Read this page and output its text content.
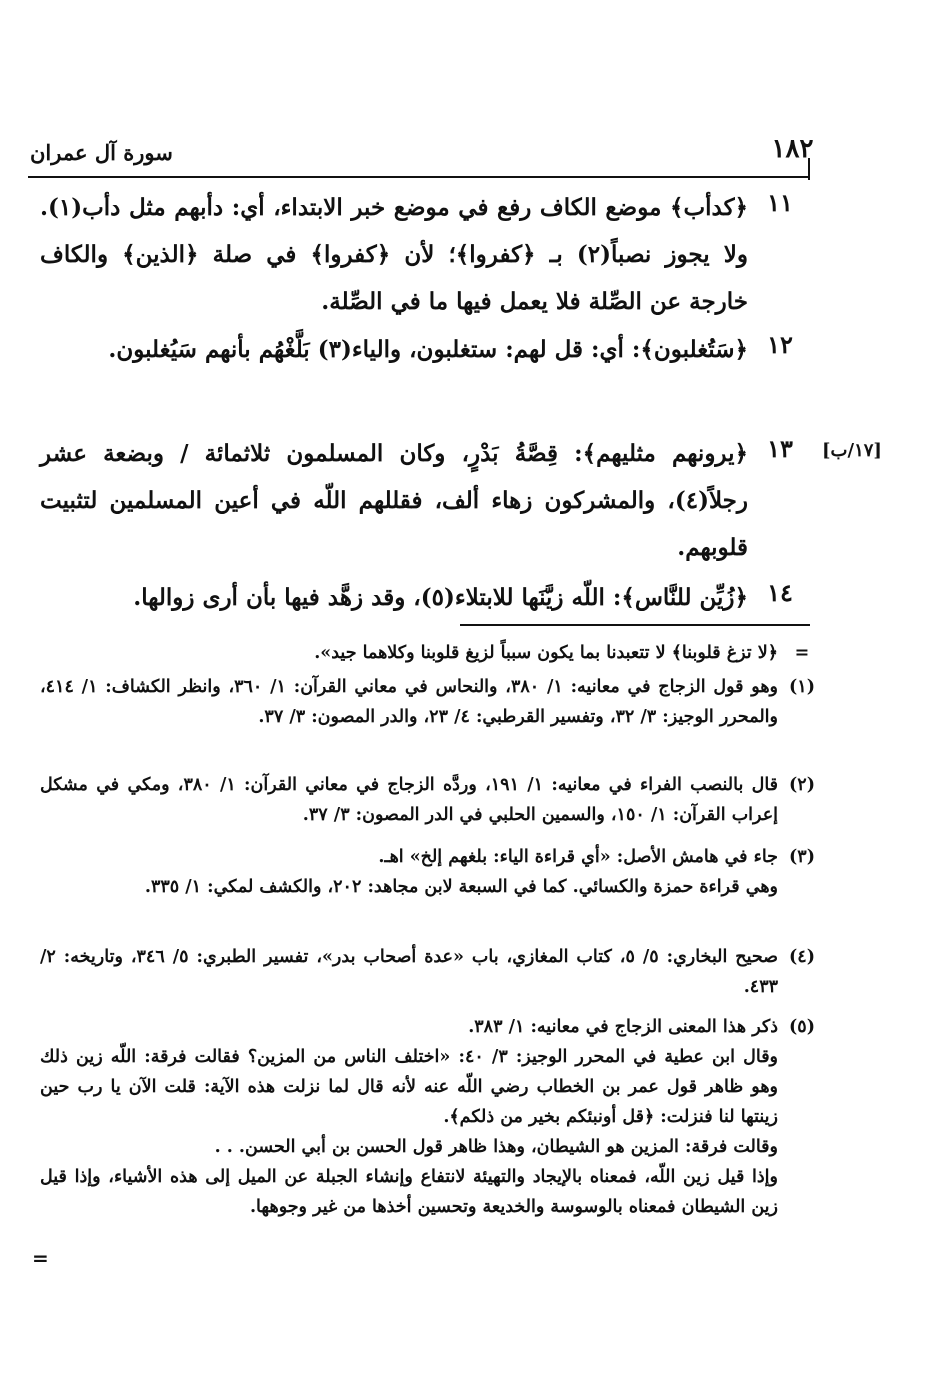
١٨٢
سورة آل عمران
١١
﴿كدأب﴾ موضع الكاف رفع في موضع خبر الابتداء، أي: دأبهم مثل دأب(١). ولا يجوز نصباً(٢) بـ ﴿كفروا﴾؛ لأن ﴿كفروا﴾ في صلة ﴿الذين﴾ والكاف خارجة عن الصِّلة فلا يعمل فيها ما في الصِّلة.
١٢
﴿سَتُغلبون﴾: أي: قل لهم: ستغلبون، والياء(٣) بَلَّغْهُم بأنهم سَيُغلبون.
١٣
﴿يرونهم مثليهم﴾: قِصَّةُ بَدْرٍ، وكان المسلمون ثلاثمائة / وبضعة عشر رجلاً(٤)، والمشركون زهاء ألف، فقللهم اللّه في أعين المسلمين لتثبيت قلوبهم.
[١٧/ب]
١٤
﴿زُيِّن للنَّاس﴾: اللّه زيَّنَها للابتلاء(٥)، وقد زهَّد فيها بأن أرى زوالها.
=
﴿لا تزغ قلوبنا﴾ لا تتعبدنا بما يكون سبباً لزيغ قلوبنا وكلاهما جيد».
(١)

وهو قول الزجاج في معانيه: ١/ ٣٨٠، والنحاس في معاني القرآن: ١/ ٣٦٠، وانظر الكشاف: ١/ ٤١٤، والمحرر الوجيز: ٣/ ٣٢، وتفسير القرطبي: ٤/ ٢٣، والدر المصون: ٣/ ٣٧.

(٢)

قال بالنصب الفراء في معانيه: ١/ ١٩١، وردَّه الزجاج في معاني القرآن: ١/ ٣٨٠، ومكي في مشكل إعراب القرآن: ١/ ١٥٠، والسمين الحلبي في الدر المصون: ٣/ ٣٧.

(٣)

جاء في هامش الأصل: «أي قراءة الياء: بلغهم إلخ» اهـ.

وهي قراءة حمزة والكسائي. كما في السبعة لابن مجاهد: ٢٠٢، والكشف لمكي: ١/ ٣٣٥.

(٤)

صحيح البخاري: ٥/ ٥، كتاب المغازي، باب «عدة أصحاب بدر»، تفسير الطبري: ٥/ ٣٤٦، وتاريخه: ٢/ ٤٣٣.

(٥)

ذكر هذا المعنى الزجاج في معانيه: ١/ ٣٨٣.

وقال ابن عطية في المحرر الوجيز: ٣/ ٤٠: «اختلف الناس من المزين؟ فقالت فرقة: اللّه زين ذلك وهو ظاهر قول عمر بن الخطاب رضي اللّه عنه لأنه قال لما نزلت هذه الآية: قلت الآن يا رب حين زينتها لنا فنزلت: ﴿قل أونبئكم بخير من ذلكم﴾.

وقالت فرقة: المزين هو الشيطان، وهذا ظاهر قول الحسن بن أبي الحسن. . .

وإذا قيل زين اللّه، فمعناه بالإيجاد والتهيئة لانتفاع وإنشاء الجبلة عن الميل إلى هذه الأشياء، وإذا قيل زين الشيطان فمعناه بالوسوسة والخديعة وتحسين أخذها من غير وجوهها.

=
